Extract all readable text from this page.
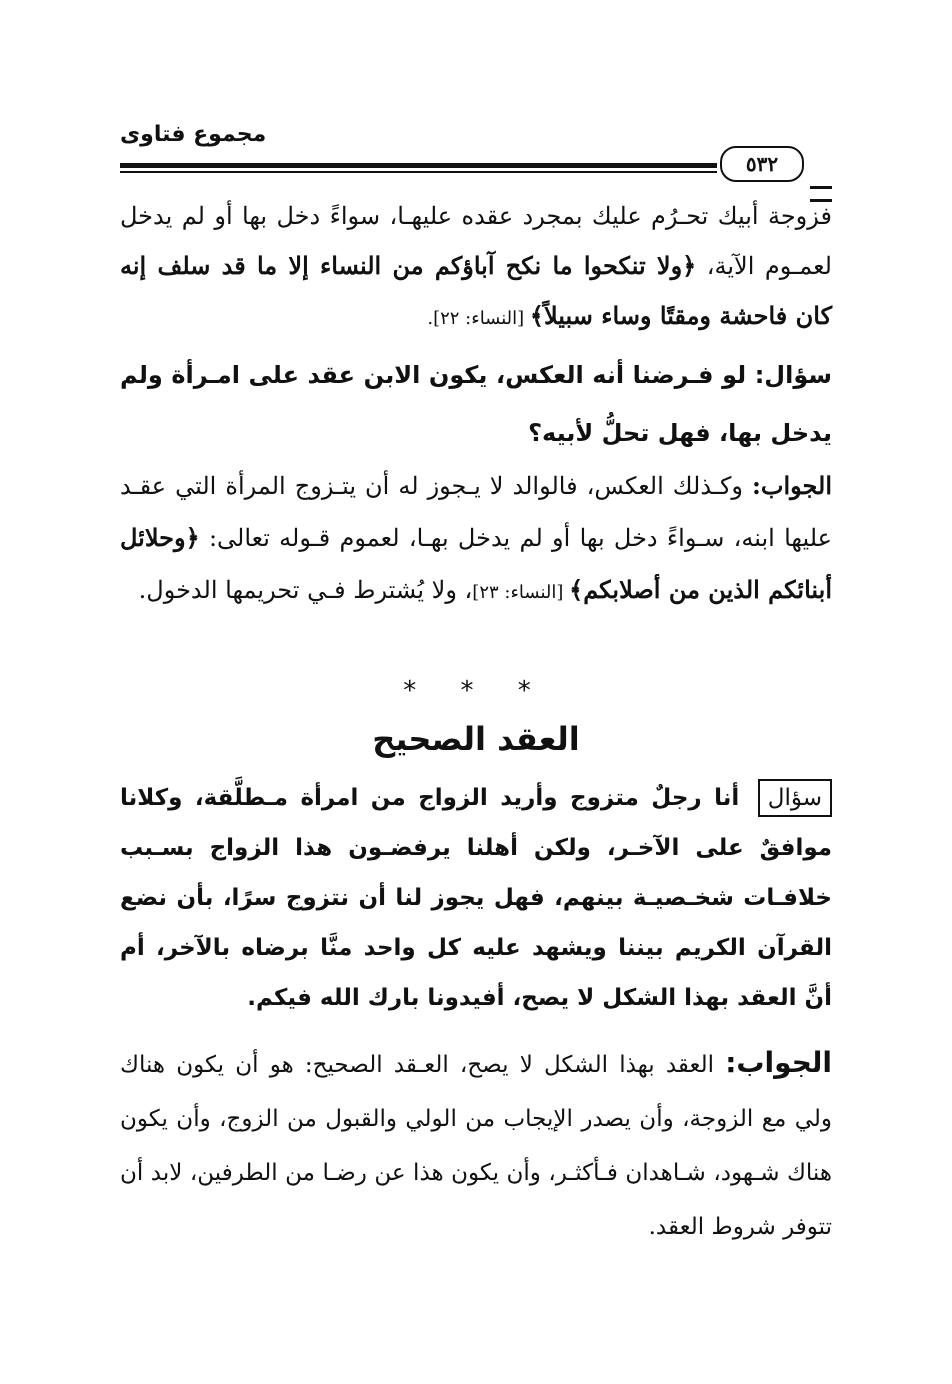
مجموع فتاوى
٥٣٢
فزوجة أبيك تحـرُم عليك بمجرد عقده عليهـا، سواءً دخل بها أو لم يدخل لعمـوم الآية، ﴿ولا تنكحوا ما نكح آباؤكم من النساء إلا ما قد سلف إنه كان فاحشة ومقتًا وساء سبيلاً﴾ [النساء: ٢٢].
سؤال: لو فـرضنا أنه العكس، يكون الابن عقد على امـرأة ولم يدخل بها، فهل تحلُّ لأبيه؟
الجواب: وكـذلك العكس، فالوالد لا يـجوز له أن يتـزوج المرأة التي عقـد عليها ابنه، سـواءً دخل بها أو لم يدخل بهـا، لعموم قـوله تعالى: ﴿وحلائل أبنائكم الذين من أصلابكم﴾ [النساء: ٢٣]، ولا يُشترط فـي تحريمها الدخول.
* * *
العقد الصحيح
سؤال أنا رجلٌ متزوج وأريد الزواج من امرأة مـطلَّقة، وكلانا موافقٌ على الآخـر، ولكن أهلنا يرفضـون هذا الزواج بسـبب خلافـات شخـصيـة بينهم، فهل يجوز لنا أن نتزوج سرًا، بأن نضع القرآن الكريم بيننا ويشهد عليه كل واحد منَّا برضاه بالآخر، أم أنَّ العقد بهذا الشكل لا يصح، أفيدونا بارك الله فيكم.
الجواب: العقد بهذا الشكل لا يصح، العـقد الصحيح: هو أن يكون هناك ولي مع الزوجة، وأن يصدر الإيجاب من الولي والقبول من الزوج، وأن يكون هناك شـهود، شـاهدان فـأكثـر، وأن يكون هذا عن رضـا من الطرفين، لابد أن تتوفر شروط العقد.
